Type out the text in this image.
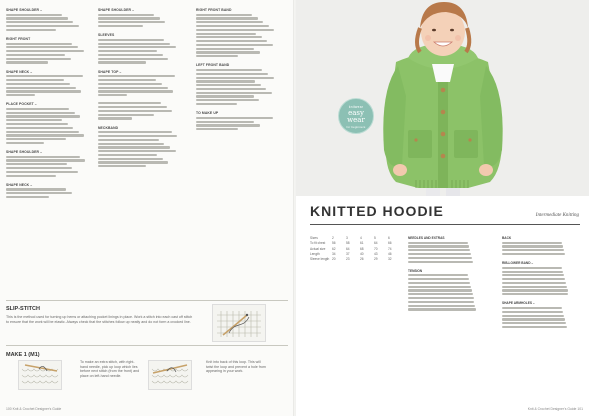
SHAPE SHOULDER –
RIGHT FRONT
SHAPE NECK –
PLACE POCKET –
SHAPE SHOULDER –
SHAPE NECK –
SHAPE SHOULDER –
SLEEVES
SHAPE TOP –
NECKBAND
RIGHT FRONT BAND
LEFT FRONT BAND
TO MAKE UP
SLIP-STITCH
This is the method used for turning up hems or attaching pocket linings in place. Work a stitch into each cast off stitch to ensure that the work will be elastic. Always check that the stitches follow up neatly and do not form a crooked line.
MAKE 1 (M1)
To make an extra stitch, with right-hand needle, pick up loop which lies before next stitch (from the front) and place on left-hand needle.
Knit into back of this loop. This will twist the loop and prevent a hole from appearing in your work.
100 Knit & Crochet Designer's Guide
knitwear
easy
wear
for beginners
KNITTED HOODIE	Intermediate Knitting
Sizes	2	3	4	5	6
To fit chest	56	58	61	64	66
Actual size	62	64	68	70	74
Length	34	37	40	43	46
Sleeve length	20	23	26	29	32
NEEDLES AND EXTRAS
TENSION
BACK
RIB-LOWER BAND –
SHAPE ARMHOLES –
Knit & Crochet Designer's Guide 101
